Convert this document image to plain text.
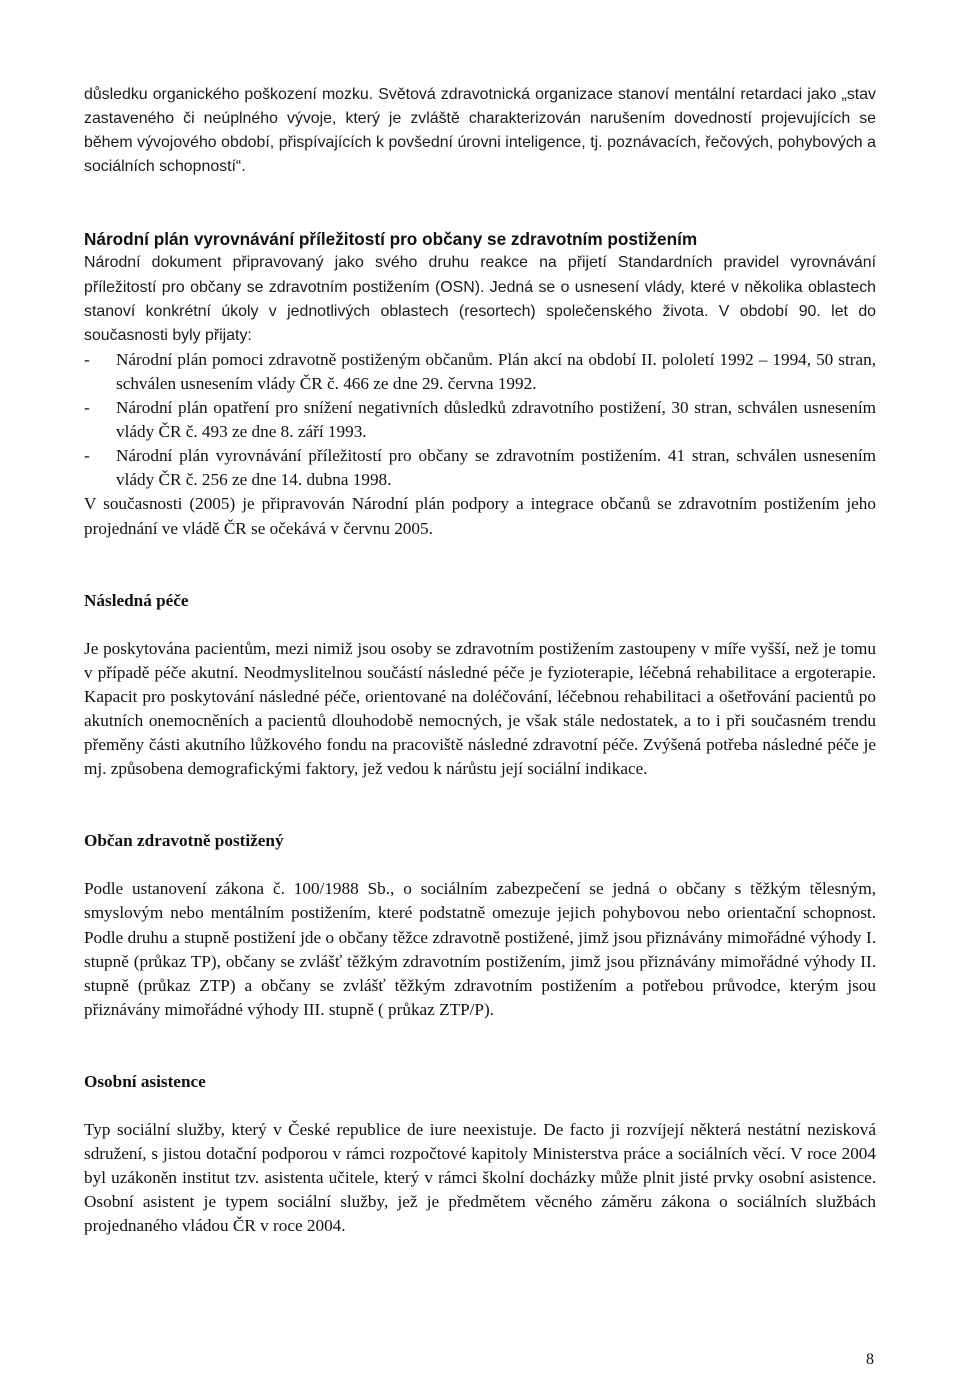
důsledku organického poškození mozku. Světová zdravotnická organizace stanoví mentální retardaci jako „stav zastaveného či neúplného vývoje, který je zvláště charakterizován narušením dovedností projevujících se během vývojového období, přispívajících k povšední úrovni inteligence, tj. poznávacích, řečových, pohybových a sociálních schopností“.

Národní plán vyrovnávání příležitostí pro občany se zdravotním postižením

Národní dokument připravovaný jako svého druhu reakce na přijetí Standardních pravidel vyrovnávání příležitostí pro občany se zdravotním postižením (OSN). Jedná se o usnesení vlády, které v několika oblastech stanoví konkrétní úkoly v jednotlivých oblastech (resortech) společenského života. V období 90. let do současnosti byly přijaty:

- Národní plán pomoci zdravotně postiženým občanům. Plán akcí na období II. pololetí 1992 – 1994, 50 stran, schválen usnesením vlády ČR č. 466 ze dne 29. června 1992.
- Národní plán opatření pro snížení negativních důsledků zdravotního postižení, 30 stran, schválen usnesením vlády ČR č. 493 ze dne 8. září 1993.
- Národní plán vyrovnávání příležitostí pro občany se zdravotním postižením. 41 stran, schválen usnesením vlády ČR č. 256 ze dne 14. dubna 1998.

V současnosti (2005) je připravován Národní plán podpory a integrace občanů se zdravotním postižením jeho projednání ve vládě ČR se očekává v červnu 2005.

Následná péče

Je poskytována pacientům, mezi nimiž jsou osoby se zdravotním postižením zastoupeny v míře vyšší, než je tomu v případě péče akutní. Neodmyslitelnou součástí následné péče je fyzioterapie, léčebná rehabilitace a ergoterapie. Kapacit pro poskytování následné péče, orientované na doléčování, léčebnou rehabilitaci a ošetřování pacientů po akutních onemocněních a pacientů dlouhodobě nemocných, je však stále nedostatek, a to i při současném trendu přeměny části akutního lůžkového fondu na pracoviště následné zdravotní péče. Zvýšená potřeba následné péče je mj. způsobena demografickými faktory, jež vedou k nárůstu její sociální indikace.

Občan zdravotně postižený

Podle ustanovení zákona č. 100/1988 Sb., o sociálním zabezpečení se jedná o občany s těžkým tělesným, smyslovým nebo mentálním postižením, které podstatně omezuje jejich pohybovou nebo orientační schopnost. Podle druhu a stupně postižení jde o občany těžce zdravotně postižené, jimž jsou přiznávány mimořádné výhody I. stupně (průkaz TP), občany se zvlášť těžkým zdravotním postižením, jimž jsou přiznávány mimořádné výhody II. stupně (průkaz ZTP) a občany se zvlášť těžkým zdravotním postižením a potřebou průvodce, kterým jsou přiznávány mimořádné výhody III. stupně ( průkaz ZTP/P).

Osobní asistence

Typ sociální služby, který v České republice de iure neexistuje. De facto ji rozvíjejí některá nestátní nezisková sdružení, s jistou dotační podporou v rámci rozpočtové kapitoly Ministerstva práce a sociálních věcí. V roce 2004 byl uzákoněn institut tzv. asistenta učitele, který v rámci školní docházky může plnit jisté prvky osobní asistence. Osobní asistent je typem sociální služby, jež je předmětem věcného záměru zákona o sociálních službách projednaného vládou ČR v roce 2004.

8
